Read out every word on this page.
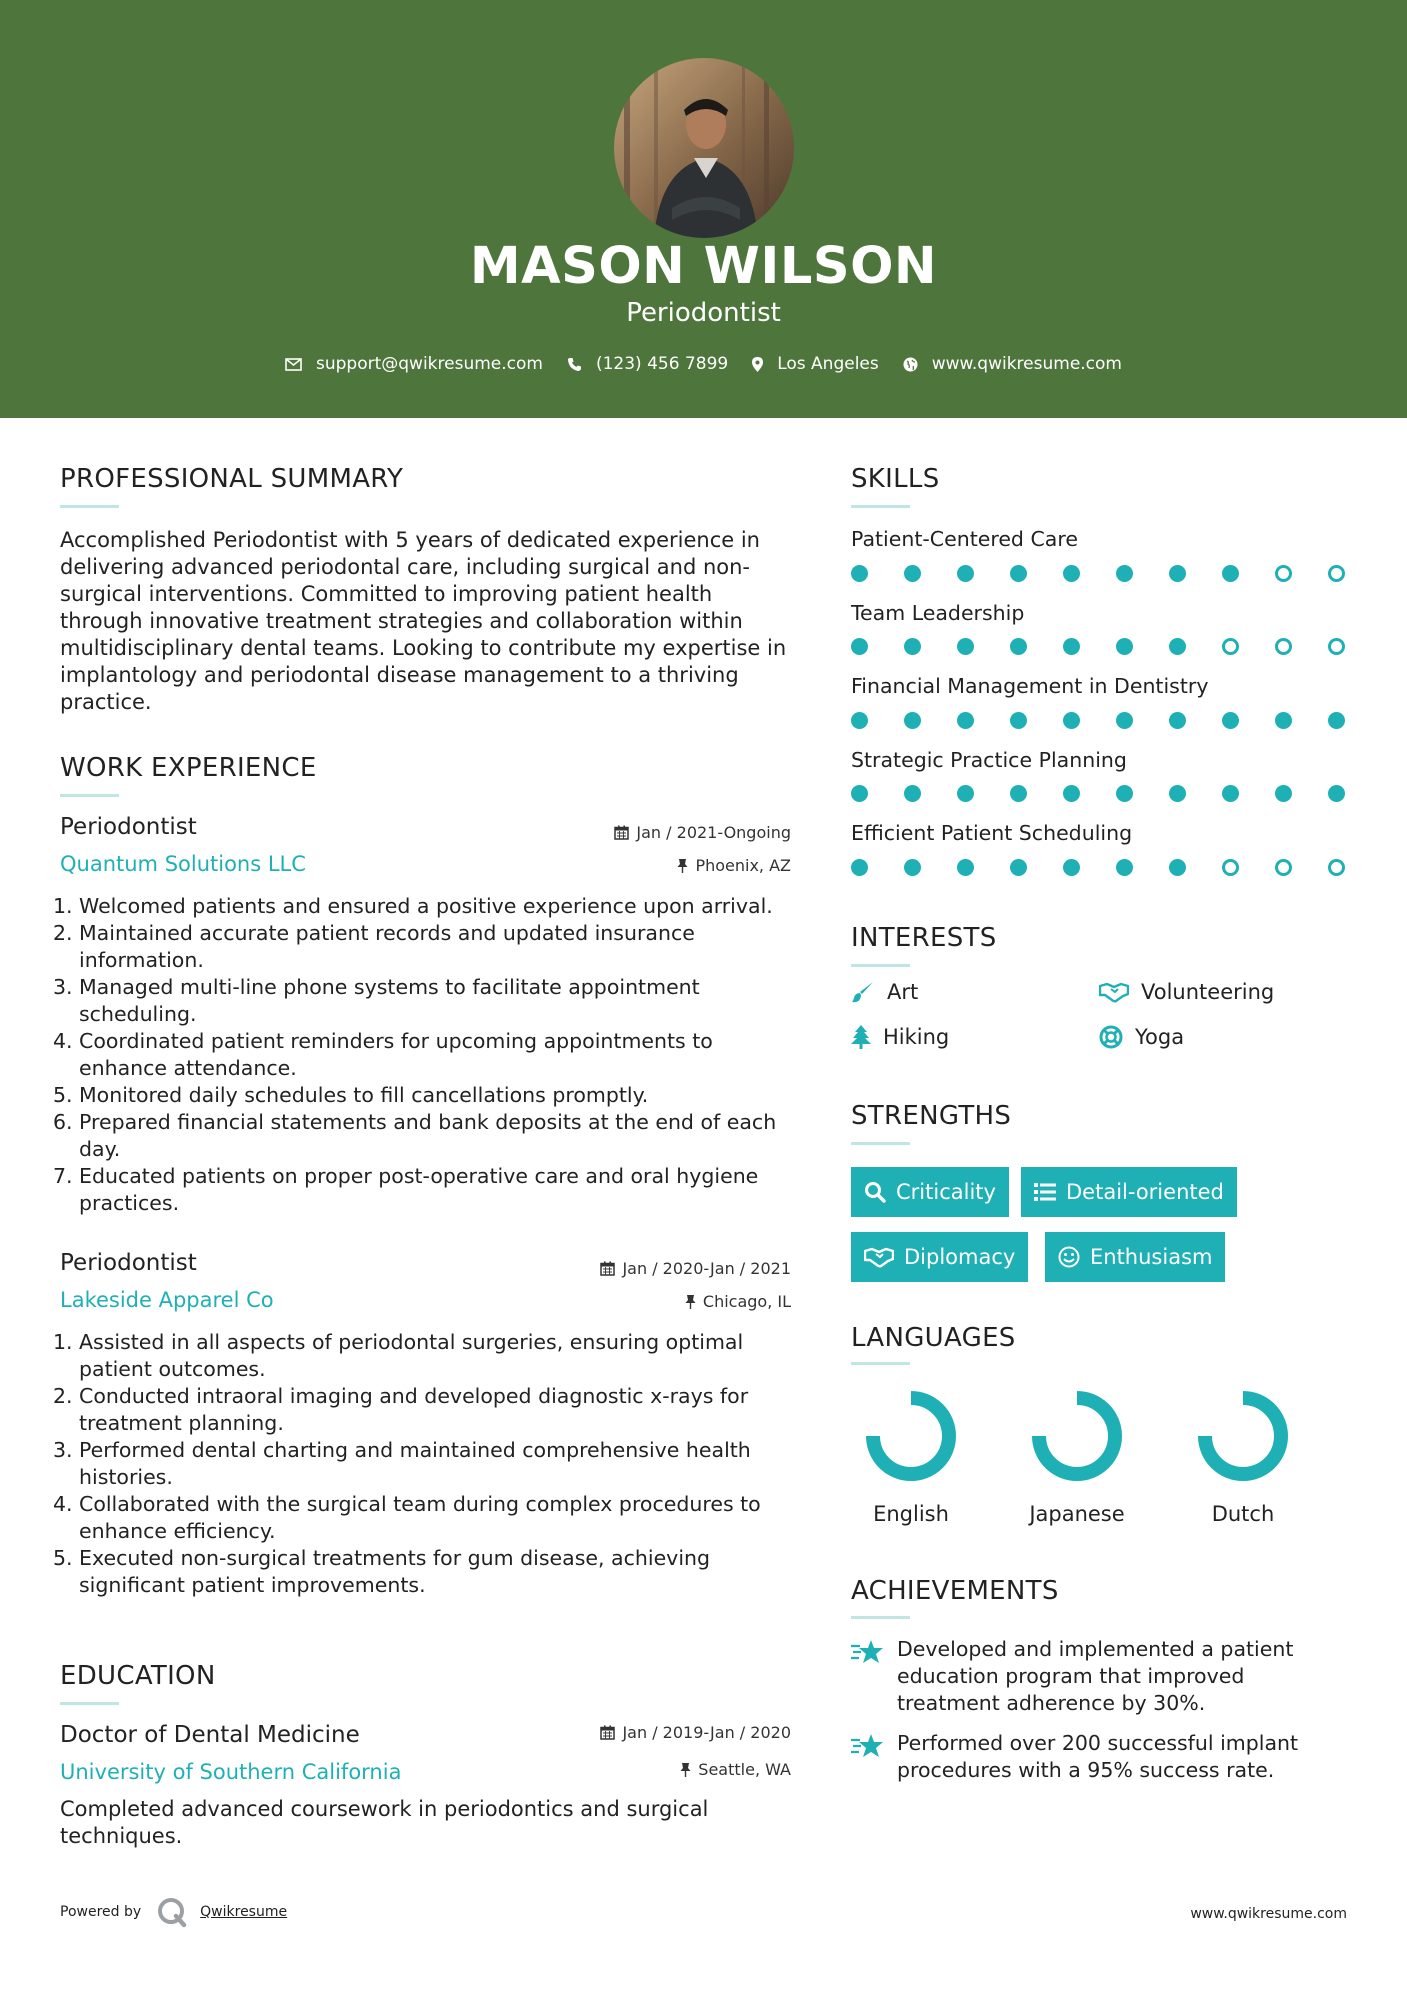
MASON WILSON
Periodontist
support@qwikresume.com	(123) 456 7899	Los Angeles	www.qwikresume.com
PROFESSIONAL SUMMARY
Accomplished Periodontist with 5 years of dedicated experience in delivering advanced periodontal care, including surgical and non-surgical interventions. Committed to improving patient health through innovative treatment strategies and collaboration within multidisciplinary dental teams. Looking to contribute my expertise in implantology and periodontal disease management to a thriving practice.
WORK EXPERIENCE
Periodontist	Jan / 2021-Ongoing
Quantum Solutions LLC	Phoenix, AZ
1. Welcomed patients and ensured a positive experience upon arrival.
2. Maintained accurate patient records and updated insurance information.
3. Managed multi-line phone systems to facilitate appointment scheduling.
4. Coordinated patient reminders for upcoming appointments to enhance attendance.
5. Monitored daily schedules to fill cancellations promptly.
6. Prepared financial statements and bank deposits at the end of each day.
7. Educated patients on proper post-operative care and oral hygiene practices.
Periodontist	Jan / 2020-Jan / 2021
Lakeside Apparel Co	Chicago, IL
1. Assisted in all aspects of periodontal surgeries, ensuring optimal patient outcomes.
2. Conducted intraoral imaging and developed diagnostic x-rays for treatment planning.
3. Performed dental charting and maintained comprehensive health histories.
4. Collaborated with the surgical team during complex procedures to enhance efficiency.
5. Executed non-surgical treatments for gum disease, achieving significant patient improvements.
EDUCATION
Doctor of Dental Medicine	Jan / 2019-Jan / 2020
University of Southern California	Seattle, WA
Completed advanced coursework in periodontics and surgical techniques.
SKILLS
Patient-Centered Care
Team Leadership
Financial Management in Dentistry
Strategic Practice Planning
Efficient Patient Scheduling
INTERESTS
Art	Volunteering
Hiking	Yoga
STRENGTHS
Criticality	Detail-oriented
Diplomacy	Enthusiasm
LANGUAGES
English	Japanese	Dutch
ACHIEVEMENTS
Developed and implemented a patient education program that improved treatment adherence by 30%.
Performed over 200 successful implant procedures with a 95% success rate.
Powered by	Qwikresume	www.qwikresume.com
